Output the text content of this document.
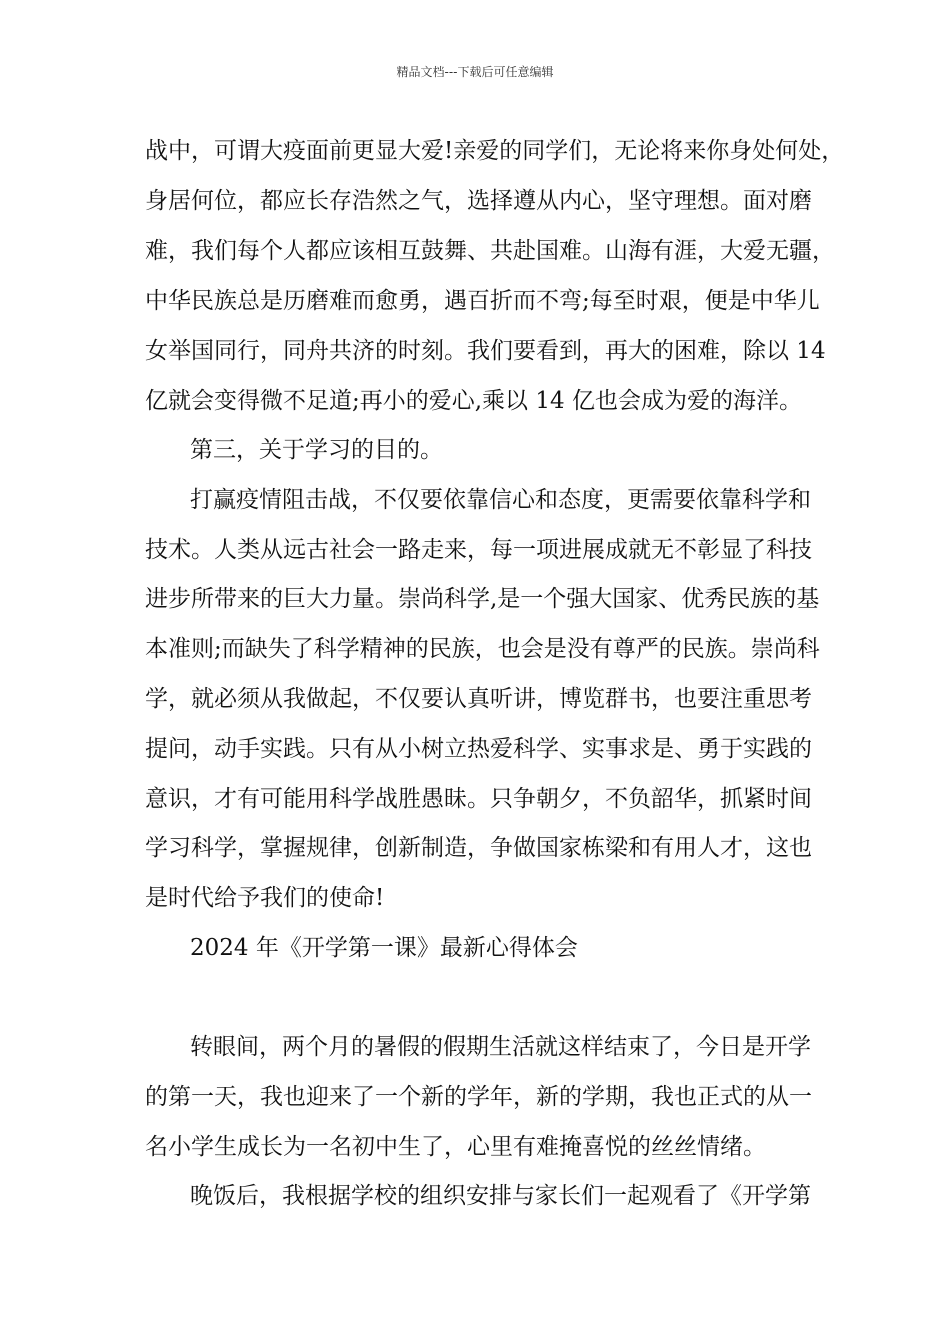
精品文档---下载后可任意编辑
战中，可谓大疫面前更显大爱!亲爱的同学们，无论将来你身处何处，
身居何位，都应长存浩然之气，选择遵从内心，坚守理想。面对磨
难，我们每个人都应该相互鼓舞、共赴国难。山海有涯，大爱无疆，
中华民族总是历磨难而愈勇，遇百折而不弯;每至时艰，便是中华儿
女举国同行，同舟共济的时刻。我们要看到，再大的困难，除以 14
亿就会变得微不足道;再小的爱心,乘以 14 亿也会成为爱的海洋。
第三，关于学习的目的。
打赢疫情阻击战，不仅要依靠信心和态度，更需要依靠科学和
技术。人类从远古社会一路走来，每一项进展成就无不彰显了科技
进步所带来的巨大力量。崇尚科学,是一个强大国家、优秀民族的基
本准则;而缺失了科学精神的民族，也会是没有尊严的民族。崇尚科
学，就必须从我做起，不仅要认真听讲，博览群书，也要注重思考
提问，动手实践。只有从小树立热爱科学、实事求是、勇于实践的
意识，才有可能用科学战胜愚昧。只争朝夕，不负韶华，抓紧时间
学习科学，掌握规律，创新制造，争做国家栋梁和有用人才，这也
是时代给予我们的使命!
2024 年《开学第一课》最新心得体会
转眼间，两个月的暑假的假期生活就这样结束了，今日是开学
的第一天，我也迎来了一个新的学年，新的学期，我也正式的从一
名小学生成长为一名初中生了，心里有难掩喜悦的丝丝情绪。
晚饭后，我根据学校的组织安排与家长们一起观看了《开学第
